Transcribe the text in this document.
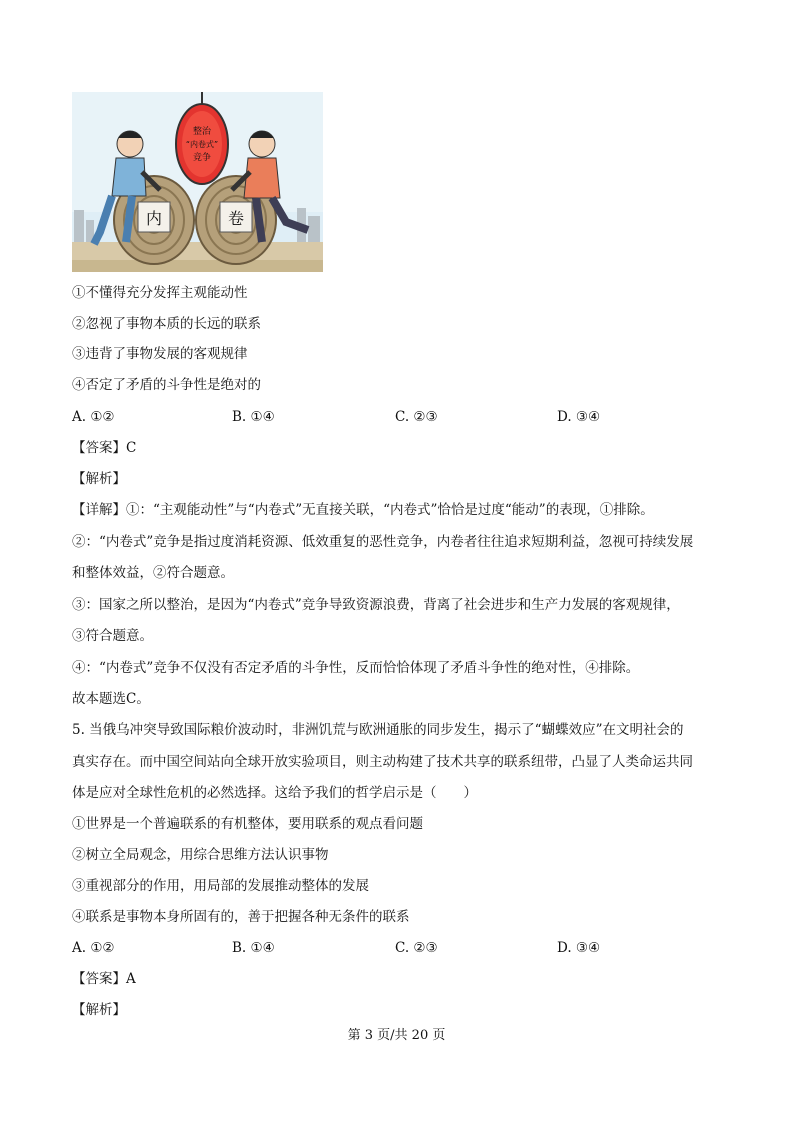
整治
“内卷式”
竞争
内	卷
①不懂得充分发挥主观能动性
②忽视了事物本质的长远的联系
③违背了事物发展的客观规律
④否定了矛盾的斗争性是绝对的
A. ①②	B. ①④	C. ②③	D. ③④
【答案】C
【解析】
【详解】①：“主观能动性”与“内卷式”无直接关联，“内卷式”恰恰是过度“能动”的表现，①排除。
②：“内卷式”竞争是指过度消耗资源、低效重复的恶性竞争，内卷者往往追求短期利益，忽视可持续发展
和整体效益，②符合题意。
③：国家之所以整治，是因为“内卷式”竞争导致资源浪费，背离了社会进步和生产力发展的客观规律，
③符合题意。
④：“内卷式”竞争不仅没有否定矛盾的斗争性，反而恰恰体现了矛盾斗争性的绝对性，④排除。
故本题选C。
5. 当俄乌冲突导致国际粮价波动时，非洲饥荒与欧洲通胀的同步发生，揭示了“蝴蝶效应”在文明社会的
真实存在。而中国空间站向全球开放实验项目，则主动构建了技术共享的联系纽带，凸显了人类命运共同
体是应对全球性危机的必然选择。这给予我们的哲学启示是（　　）
①世界是一个普遍联系的有机整体，要用联系的观点看问题
②树立全局观念，用综合思维方法认识事物
③重视部分的作用，用局部的发展推动整体的发展
④联系是事物本身所固有的，善于把握各种无条件的联系
A. ①②	B. ①④	C. ②③	D. ③④
【答案】A
【解析】
第 3 页/共 20 页
